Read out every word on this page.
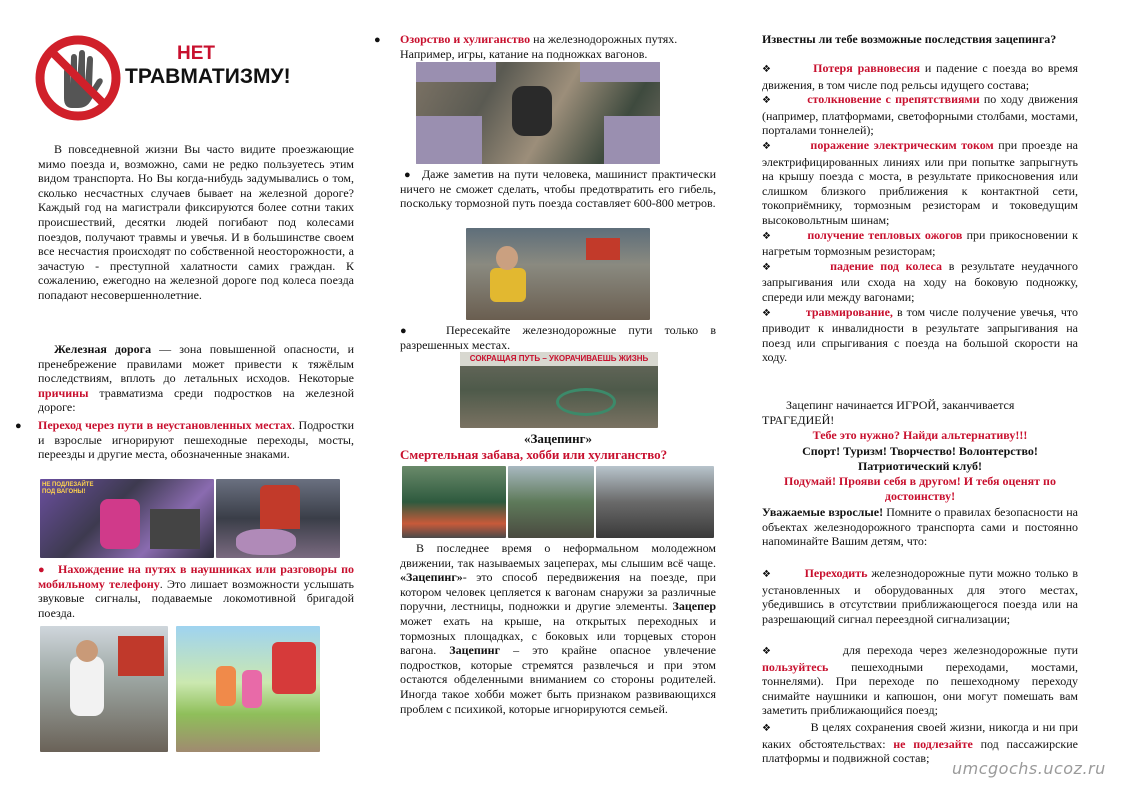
НЕТ
ТРАВМАТИЗМУ!
В повседневной жизни Вы часто видите проезжающие мимо поезда и, возможно, сами не редко пользуетесь этим видом транспорта. Но Вы когда-нибудь задумывались о том, сколько несчастных случаев бывает на железной дороге? Каждый год на магистрали фиксируются более сотни таких происшествий, десятки людей погибают под колесами поездов, получают травмы и увечья. И в большинстве своем все несчастия происходят по собственной неосторожности, а зачастую - преступной халатности самих граждан. К сожалению, ежегодно на железной дороге под колеса поезда попадают несовершеннолетние.
Железная дорога — зона повышенной опасности, и пренебрежение правилами может привести к тяжёлым последствиям, вплоть до летальных исходов. Некоторые причины травматизма среди подростков на железной дороге:
● Переход через пути в неустановленных местах. Подростки и взрослые игнорируют пешеходные переходы, мосты, переезды и другие места, обозначенные знаками.
НЕ ПОДЛЕЗАЙТЕ ПОД ВАГОНЫ!
●	Нахождение на путях в наушниках или разговоры по мобильному телефону. Это лишает возможности услышать звуковые сигналы, подаваемые локомотивной бригадой поезда.
● Озорство и хулиганство на железнодорожных путях. Например, игры, катание на подножках вагонов.
● Даже заметив на пути человека, машинист практически ничего не сможет сделать, чтобы предотвратить его гибель, поскольку тормозной путь поезда составляет 600-800 метров.
●	Пересекайте железнодорожные пути только в разрешенных местах.
СОКРАЩАЯ ПУТЬ – УКОРАЧИВАЕШЬ ЖИЗНЬ
«Зацепинг»
Смертельная забава, хобби или хулиганство?
В последнее время о неформальном молодежном движении, так называемых зацеперах, мы слышим всё чаще. «Зацепинг»- это способ передвижения на поезде, при котором человек цепляется к вагонам снаружи за различные поручни, лестницы, подножки и другие элементы. Зацепер может ехать на крыше, на открытых переходных и тормозных площадках, с боковых или торцевых сторон вагона. Зацепинг – это крайне опасное увлечение подростков, которые стремятся развлечься и при этом остаются обделенными вниманием со стороны родителей. Иногда такое хобби может быть признаком развивающихся проблем с психикой, которые игнорируются семьей.
Известны ли тебе возможные последствия зацепинга?
❖        Потеря равновесия и падение с поезда во время движения, в том числе под рельсы идущего состава;
❖        столкновение с препятствиями по ходу движения (например, платформами, светофорными столбами, мостами, порталами тоннелей);
❖        поражение электрическим током при проезде на электрифицированных линиях или при попытке запрыгнуть на крышу поезда с моста, в результате прикосновения или слишком близкого приближения к контактной сети, токоприёмнику, тормозным резисторам и токоведущим высоковольтным шинам;
❖        получение тепловых ожогов при прикосновении к нагретым тормозным резисторам;
❖        падение под колеса в результате неудачного запрыгивания или схода на ходу на боковую подножку, спереди или между вагонами;
❖        травмирование, в том числе получение увечья, что приводит к инвалидности в результате запрыгивания на поезд или спрыгивания с поезда на большой скорости на ходу.
Зацепинг начинается ИГРОЙ, заканчивается ТРАГЕДИЕЙ!
Тебе это нужно? Найди альтернативу!!!
Спорт! Туризм! Творчество! Волонтерство! Патриотический клуб!
Подумай! Прояви себя в другом! И тебя оценят по достоинству!
Уважаемые взрослые! Помните о правилах безопасности на объектах железнодорожного транспорта сами и постоянно напоминайте Вашим детям, что:
❖        Переходить железнодорожные пути можно только в установленных и оборудованных для этого местах, убедившись в отсутствии приближающегося поезда или на разрешающий сигнал переездной сигнализации;
❖          для перехода через железнодорожные пути пользуйтесь пешеходными переходами, мостами, тоннелями). При переходе по пешеходному переходу снимайте наушники и капюшон, они могут помешать вам заметить приближающийся поезд;
❖          В целях сохранения своей жизни, никогда и ни при каких обстоятельствах: не подлезайте под пассажирские платформы и подвижной состав;
umcgochs.ucoz.ru
